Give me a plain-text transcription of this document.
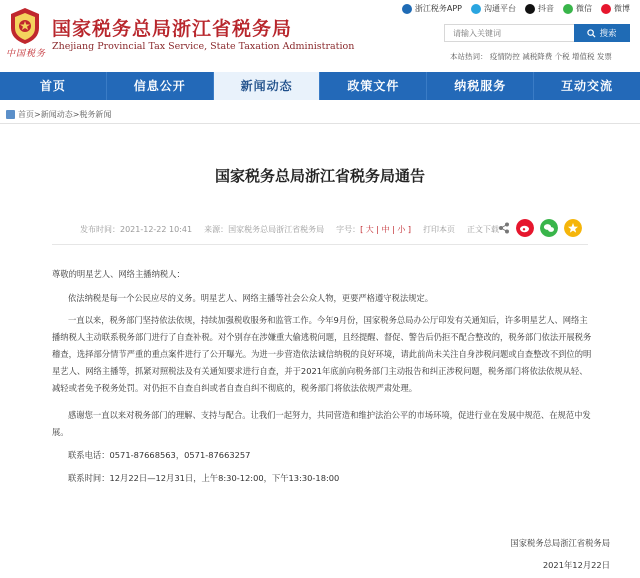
中国税务
国家税务总局浙江省税务局
Zhejiang Provincial Tax Service, State Taxation Administration
浙江税务APP	沟通平台	抖音	微信	微博
请输入关键词
搜索
本站热词： 疫情防控 减税降费 个税 增值税 发票
首页	信息公开	新闻动态	政策文件	纳税服务	互动交流
首页>新闻动态>税务新闻
国家税务总局浙江省税务局通告
发布时间：2021-12-22 10:41 来源：国家税务总局浙江省税务局 字号：[ 大 | 中 | 小 ] 打印本页 正文下载
尊敬的明星艺人、网络主播纳税人：
依法纳税是每一个公民应尽的义务。明星艺人、网络主播等社会公众人物，更要严格遵守税法规定。
一直以来，税务部门坚持依法依规，持续加强税收服务和监管工作。今年9月份，国家税务总局办公厅印发有关通知后，许多明星艺人、网络主播纳税人主动联系税务部门进行了自查补税。对个别存在涉嫌重大偷逃税问题，且经提醒、督促、警告后仍拒不配合整改的，税务部门依法开展税务稽查，选择部分情节严重的重点案件进行了公开曝光。为进一步营造依法诚信纳税的良好环境，请此前尚未关注自身涉税问题或自查整改不到位的明星艺人、网络主播等，抓紧对照税法及有关通知要求进行自查，并于2021年底前向税务部门主动报告和纠正涉税问题，税务部门将依法依规从轻、减轻或者免予税务处罚。对仍拒不自查自纠或者自查自纠不彻底的，税务部门将依法依规严肃处理。
感谢您一直以来对税务部门的理解、支持与配合。让我们一起努力，共同营造和维护法治公平的市场环境，促进行业在发展中规范、在规范中发展。
联系电话：0571-87668563，0571-87663257
联系时间：12月22日—12月31日，上午8:30-12:00，下午13:30-18:00
国家税务总局浙江省税务局
2021年12月22日
